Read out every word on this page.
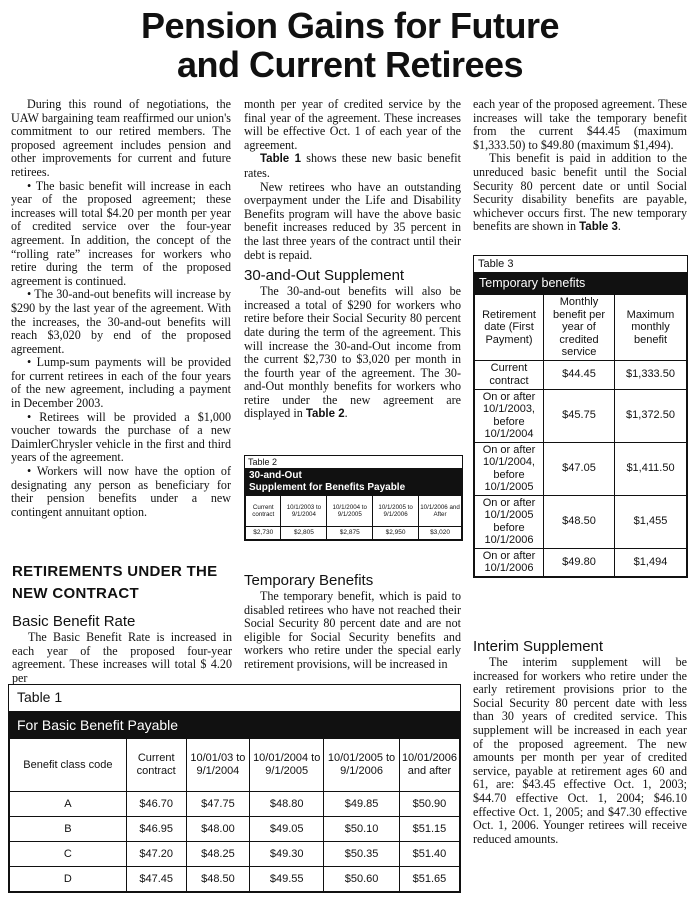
Pension Gains for Future
and Current Retirees

During this round of negotiations, the UAW bargaining team reaffirmed our union's commitment to our retired members. The proposed agreement includes pension and other improvements for current and future retirees.

• The basic benefit will increase in each year of the proposed agreement; these increases will total $4.20 per month per year of credited service over the four-year agreement. In addition, the concept of the “rolling rate” increases for workers who retire during the term of the proposed agreement is continued.

• The 30-and-out benefits will increase by $290 by the last year of the agreement. With the increases, the 30-and-out benefits will reach $3,020 by end of the proposed agreement.

• Lump-sum payments will be provided for current retirees in each of the four years of the new agreement, including a payment in December 2003.

• Retirees will be provided a $1,000 voucher towards the purchase of a new DaimlerChrysler vehicle in the first and third years of the agreement.

• Workers will now have the option of designating any person as beneficiary for their pension benefits under a new contingent annuitant option.

RETIREMENTS UNDER THE NEW CONTRACT
Basic Benefit Rate

The Basic Benefit Rate is increased in each year of the proposed four-year agreement. These increases will total $ 4.20 per

month per year of credited service by the final year of the agreement. These increases will be effective Oct. 1 of each year of the agreement.

Table 1 shows these new basic benefit rates.

New retirees who have an outstanding overpayment under the Life and Disability Benefits program will have the above basic benefit increases reduced by 35 percent in the last three years of the contract until their debt is repaid.

30-and-Out Supplement

The 30-and-out benefits will also be increased a total of $290 for workers who retire before their Social Security 80 percent date during the term of the agreement. This will increase the 30-and-Out income from the current $2,730 to $3,020 per month in the fourth year of the agreement. The 30-and-Out monthly benefits for workers who retire under the new agreement are displayed in Table 2.

Temporary Benefits

The temporary benefit, which is paid to disabled retirees who have not reached their Social Security 80 percent date and are not eligible for Social Security benefits and workers who retire under the special early retirement provisions, will be increased in

each year of the proposed agreement. These increases will take the temporary benefit from the current $44.45 (maximum $1,333.50) to $49.80 (maximum $1,494).

This benefit is paid in addition to the unreduced basic benefit until the Social Security 80 percent date or until Social Security disability benefits are payable, whichever occurs first. The new temporary benefits are shown in Table 3.

Interim Supplement

The interim supplement will be increased for workers who retire under the early retirement provisions prior to the Social Security 80 percent date with less than 30 years of credited service. This supplement will be increased in each year of the proposed agreement. The new amounts per month per year of credited service, payable at retirement ages 60 and 61, are: $43.45 effective Oct. 1, 2003; $44.70 effective Oct. 1, 2004; $46.10 effective Oct. 1, 2005; and $47.30 effective Oct. 1, 2006. Younger retirees will receive reduced amounts.

Table 2
30-and-Out
Supplement for Benefits Payable
Current contract	10/1/2003 to 9/1/2004	10/1/2004 to 9/1/2005	10/1/2005 to 9/1/2006	10/1/2006 and After
$2,730	$2,805	$2,875	$2,950	$3,020
Table 3
Temporary benefits
Retirement date (First Payment)	Monthly benefit per year of credited service	Maximum monthly benefit
Current contract	$44.45	$1,333.50
On or after 10/1/2003, before 10/1/2004	$45.75	$1,372.50
On or after 10/1/2004, before 10/1/2005	$47.05	$1,411.50
On or after 10/1/2005 before 10/1/2006	$48.50	$1,455
On or after 10/1/2006	$49.80	$1,494
Table 1
For Basic Benefit Payable
Benefit class code	Current contract	10/01/03 to 9/1/2004	10/01/2004 to 9/1/2005	10/01/2005 to 9/1/2006	10/01/2006 and after
A	$46.70	$47.75	$48.80	$49.85	$50.90
B	$46.95	$48.00	$49.05	$50.10	$51.15
C	$47.20	$48.25	$49.30	$50.35	$51.40
D	$47.45	$48.50	$49.55	$50.60	$51.65
